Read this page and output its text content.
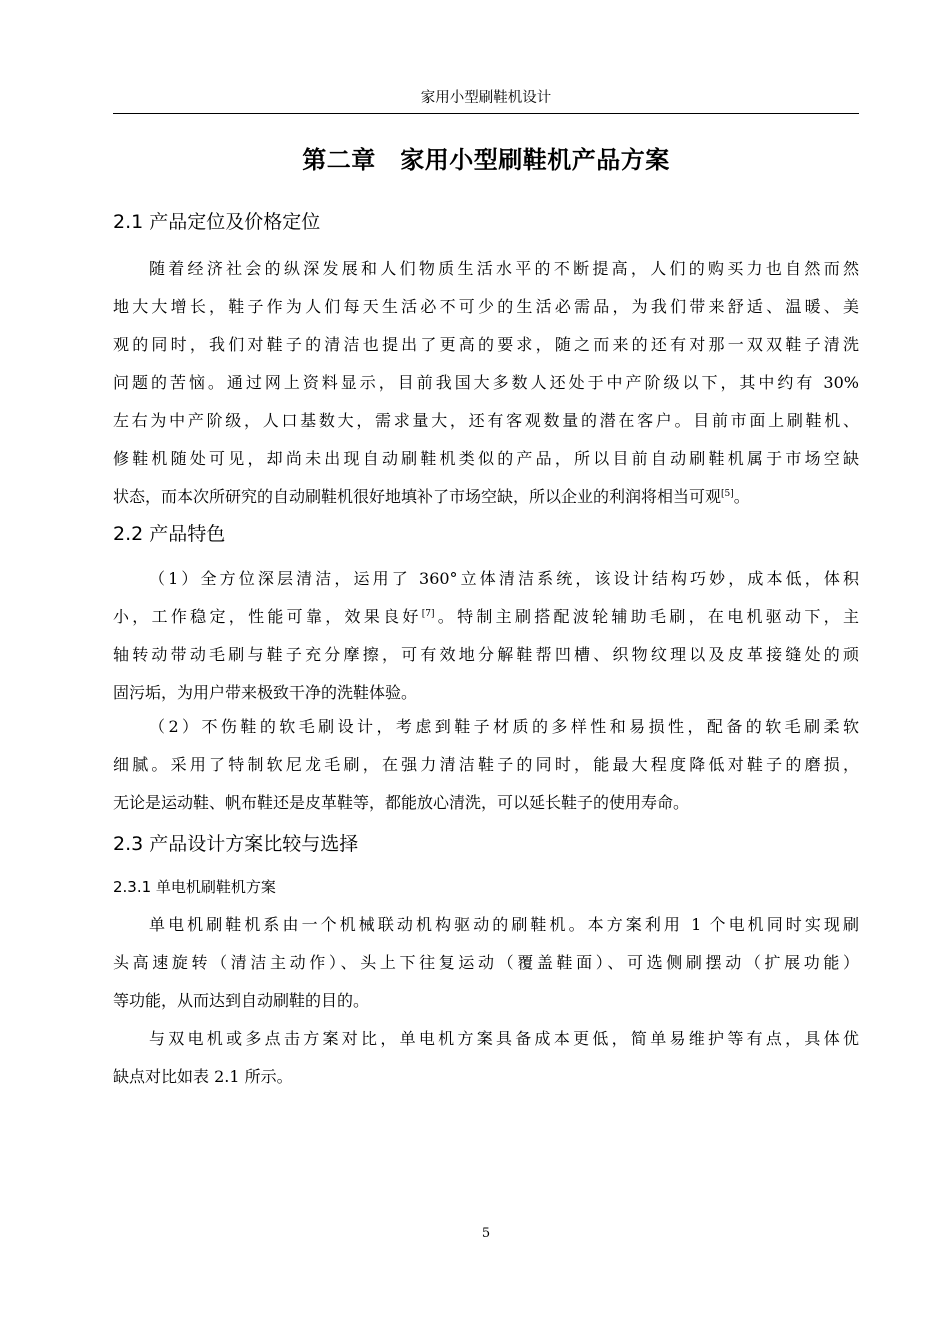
家用小型刷鞋机设计
第二章　家用小型刷鞋机产品方案
2.1 产品定位及价格定位
随着经济社会的纵深发展和人们物质生活水平的不断提高，人们的购买力也自然而然
地大大增长，鞋子作为人们每天生活必不可少的生活必需品，为我们带来舒适、温暖、美
观的同时，我们对鞋子的清洁也提出了更高的要求，随之而来的还有对那一双双鞋子清洗
问题的苦恼。通过网上资料显示，目前我国大多数人还处于中产阶级以下，其中约有 30%
左右为中产阶级，人口基数大，需求量大，还有客观数量的潜在客户。目前市面上刷鞋机、
修鞋机随处可见，却尚未出现自动刷鞋机类似的产品，所以目前自动刷鞋机属于市场空缺
状态，而本次所研究的自动刷鞋机很好地填补了市场空缺，所以企业的利润将相当可观[5]。
2.2 产品特色
（1）全方位深层清洁，运用了 360°立体清洁系统，该设计结构巧妙，成本低，体积
小，工作稳定，性能可靠，效果良好[7]。特制主刷搭配波轮辅助毛刷，在电机驱动下，主
轴转动带动毛刷与鞋子充分摩擦，可有效地分解鞋帮凹槽、织物纹理以及皮革接缝处的顽
固污垢，为用户带来极致干净的洗鞋体验。
（2）不伤鞋的软毛刷设计，考虑到鞋子材质的多样性和易损性，配备的软毛刷柔软
细腻。采用了特制软尼龙毛刷，在强力清洁鞋子的同时，能最大程度降低对鞋子的磨损，
无论是运动鞋、帆布鞋还是皮革鞋等，都能放心清洗，可以延长鞋子的使用寿命。
2.3 产品设计方案比较与选择
2.3.1 单电机刷鞋机方案
单电机刷鞋机系由一个机械联动机构驱动的刷鞋机。本方案利用 1 个电机同时实现刷
头高速旋转（清洁主动作）、头上下往复运动（覆盖鞋面）、可选侧刷摆动（扩展功能）
等功能，从而达到自动刷鞋的目的。
与双电机或多点击方案对比，单电机方案具备成本更低，简单易维护等有点，具体优
缺点对比如表 2.1 所示。
5
